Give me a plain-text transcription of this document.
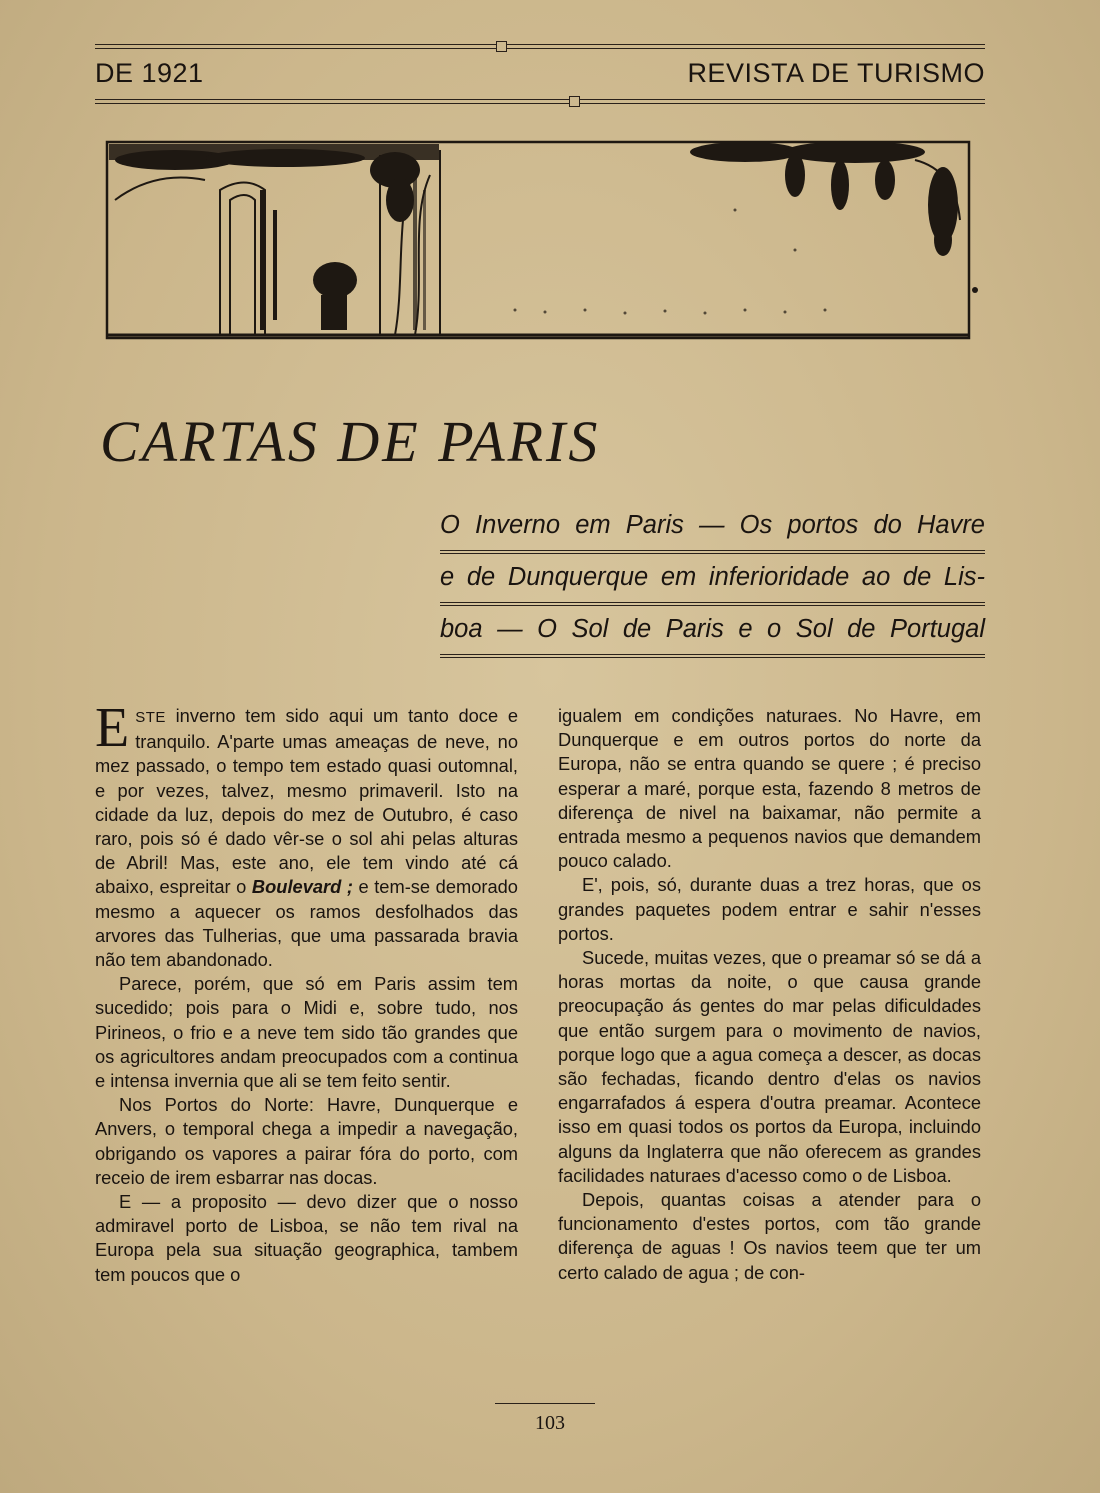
DE 1921	REVISTA DE TURISMO
CARTAS DE PARIS
O Inverno em Paris — Os portos do Havre
e de Dunquerque em inferioridade ao de Lis-
boa — O Sol de Paris e o Sol de Portugal

ESTE inverno tem sido aqui um tanto doce e tranquilo. A'parte umas ameaças de neve, no mez passado, o tempo tem estado quasi outomnal, e por vezes, talvez, mesmo primaveril. Isto na cidade da luz, depois do mez de Outubro, é caso raro, pois só é dado vêr-se o sol ahi pelas alturas de Abril! Mas, este ano, ele tem vindo até cá abaixo, espreitar o Boulevard ; e tem-se demorado mesmo a aquecer os ramos desfolhados das arvores das Tulherias, que uma passarada bravia não tem abandonado.

Parece, porém, que só em Paris assim tem sucedido; pois para o Midi e, sobre tudo, nos Pirineos, o frio e a neve tem sido tão grandes que os agricultores andam preocupados com a continua e intensa invernia que ali se tem feito sentir.

Nos Portos do Norte: Havre, Dunquerque e Anvers, o temporal chega a impedir a navegação, obrigando os vapores a pairar fóra do porto, com receio de irem esbarrar nas docas.

E — a proposito — devo dizer que o nosso admiravel porto de Lisboa, se não tem rival na Europa pela sua situação geographica, tambem tem poucos que o

igualem em condições naturaes. No Havre, em Dunquerque e em outros portos do norte da Europa, não se entra quando se quere ; é preciso esperar a maré, porque esta, fazendo 8 metros de diferença de nivel na baixamar, não permite a entrada mesmo a pequenos navios que demandem pouco calado.

E', pois, só, durante duas a trez horas, que os grandes paquetes podem entrar e sahir n'esses portos.

Sucede, muitas vezes, que o preamar só se dá a horas mortas da noite, o que causa grande preocupação ás gentes do mar pelas dificuldades que então surgem para o movimento de navios, porque logo que a agua começa a descer, as docas são fechadas, ficando dentro d'elas os navios engarrafados á espera d'outra preamar. Acontece isso em quasi todos os portos da Europa, incluindo alguns da Inglaterra que não oferecem as grandes facilidades naturaes d'acesso como o de Lisboa.

Depois, quantas coisas a atender para o funcionamento d'estes portos, com tão grande diferença de aguas ! Os navios teem que ter um certo calado de agua ; de con-

103
